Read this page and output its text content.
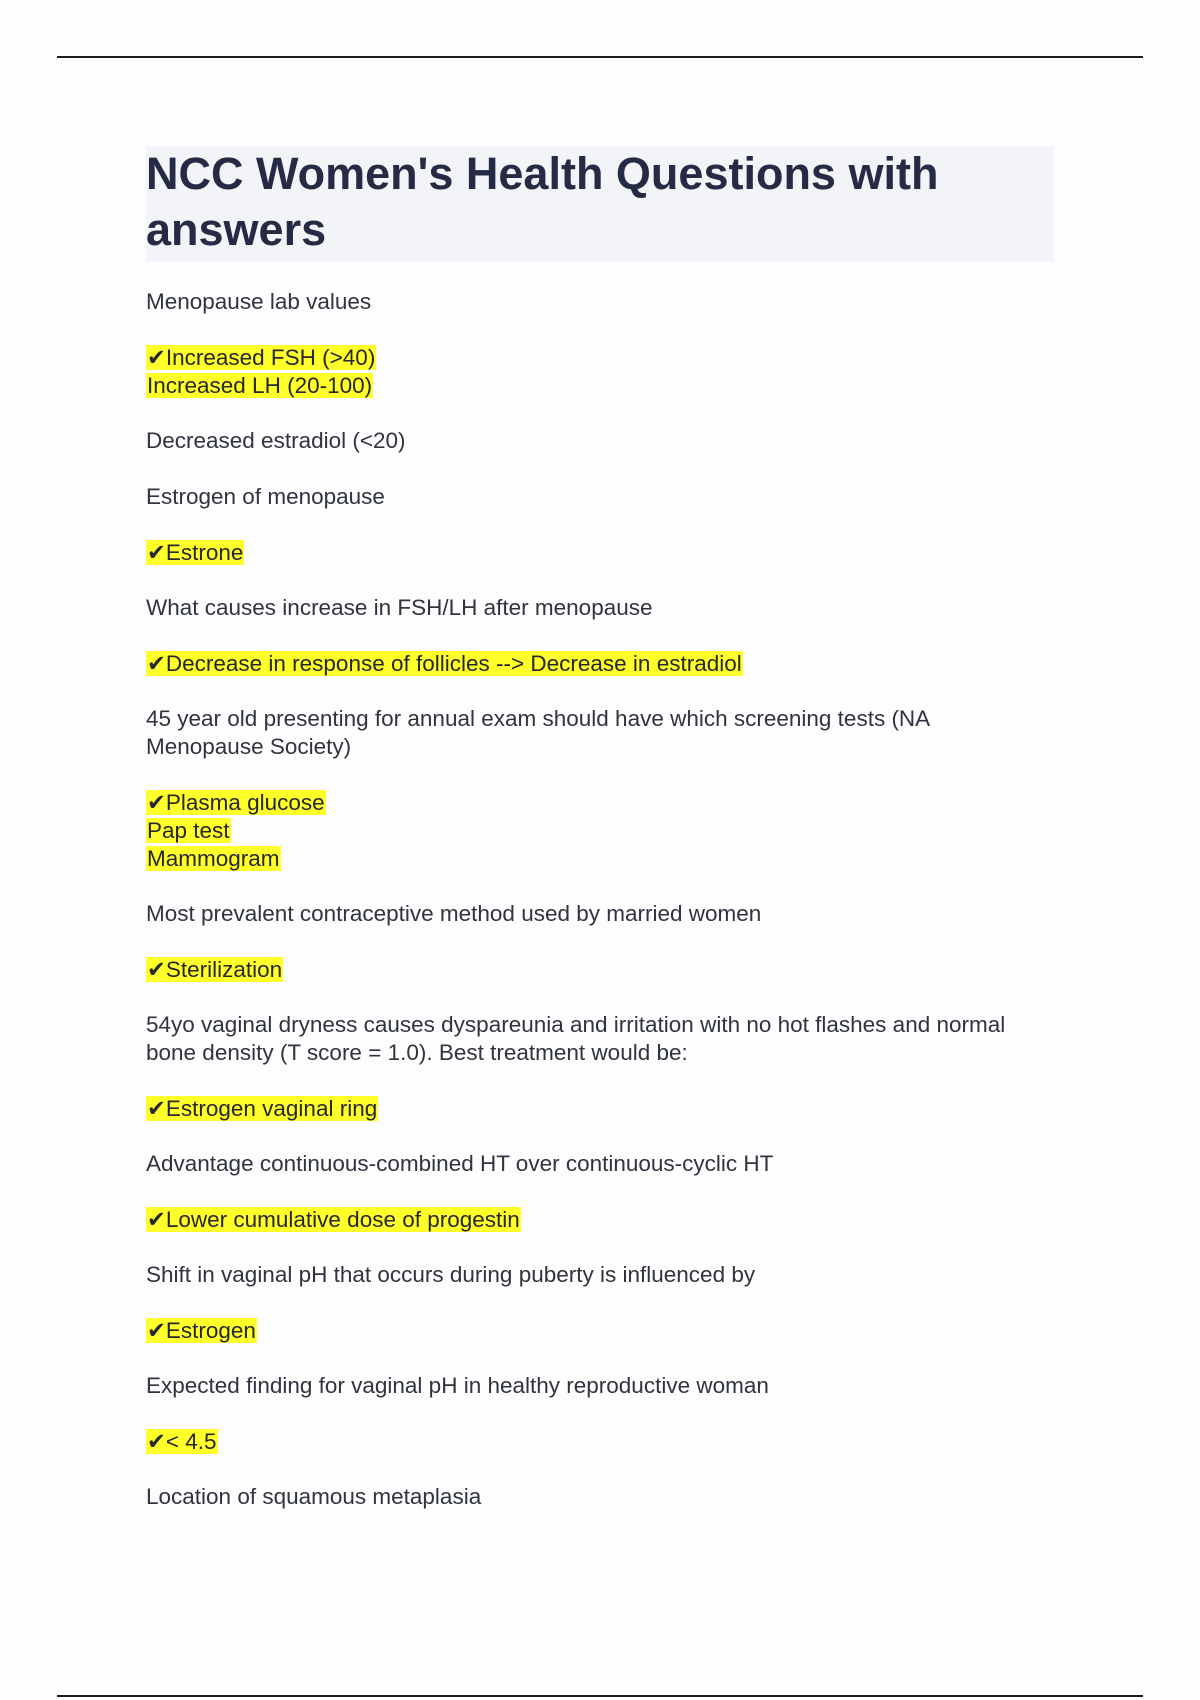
NCC Women's Health Questions with answers
Menopause lab values
✔Increased FSH (>40)
Increased LH (20-100)
Decreased estradiol (<20)
Estrogen of menopause
✔Estrone
What causes increase in FSH/LH after menopause
✔Decrease in response of follicles --> Decrease in estradiol
45 year old presenting for annual exam should have which screening tests (NA Menopause Society)
✔Plasma glucose
Pap test
Mammogram
Most prevalent contraceptive method used by married women
✔Sterilization
54yo vaginal dryness causes dyspareunia and irritation with no hot flashes and normal bone density (T score = 1.0). Best treatment would be:
✔Estrogen vaginal ring
Advantage continuous-combined HT over continuous-cyclic HT
✔Lower cumulative dose of progestin
Shift in vaginal pH that occurs during puberty is influenced by
✔Estrogen
Expected finding for vaginal pH in healthy reproductive woman
✔< 4.5
Location of squamous metaplasia
